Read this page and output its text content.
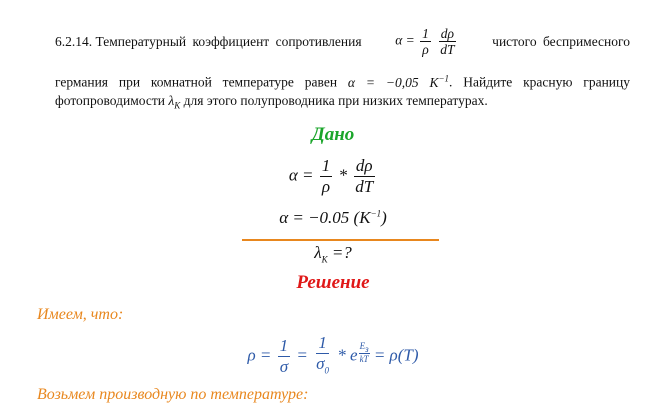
6.2.14. Температурный коэффициент сопротивления $\alpha = \frac{1}{\rho}$
$\frac{d\rho}{dT}$	чистого беспримесного
германия при комнатной температуре равен α = −0,05 $K^{-1}$. Найдите красную границу
фотопроводимости $\lambda_K$ для этого полупроводника при низких температурах.
Дано
$\alpha = \frac{1}{\rho} * \frac{d\rho}{dT}$
α = −0.05 $(K^{-1})$
$\lambda_K$ =?
Решение
Имеем, что:
$\rho = \frac{1}{\sigma} = \frac{1}{\sigma_0} * e$ $E_з$
kT = ρ(T)
Возьмем производную по температуре:
